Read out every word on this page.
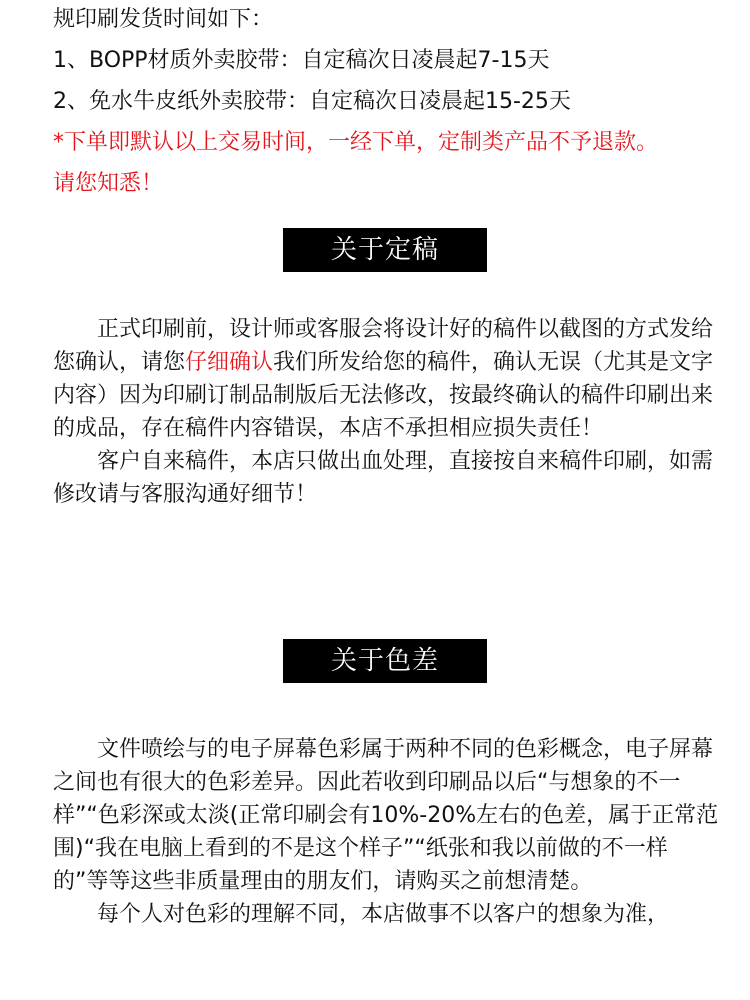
规印刷发货时间如下：

1、BOPP材质外卖胶带：自定稿次日凌晨起7-15天

2、免水牛皮纸外卖胶带：自定稿次日凌晨起15-25天

*下单即默认以上交易时间，一经下单，定制类产品不予退款。

请您知悉！

关于定稿

正式印刷前，设计师或客服会将设计好的稿件以截图的方式发给您确认，请您仔细确认我们所发给您的稿件，确认无误（尤其是文字内容）因为印刷订制品制版后无法修改，按最终确认的稿件印刷出来的成品，存在稿件内容错误，本店不承担相应损失责任！

客户自来稿件，本店只做出血处理，直接按自来稿件印刷，如需修改请与客服沟通好细节！

关于色差

文件喷绘与的电子屏幕色彩属于两种不同的色彩概念，电子屏幕之间也有很大的色彩差异。因此若收到印刷品以后“与想象的不一样”“色彩深或太淡(正常印刷会有10%-20%左右的色差，属于正常范围)“我在电脑上看到的不是这个样子”“纸张和我以前做的不一样的”等等这些非质量理由的朋友们，请购买之前想清楚。

每个人对色彩的理解不同，本店做事不以客户的想象为准，
